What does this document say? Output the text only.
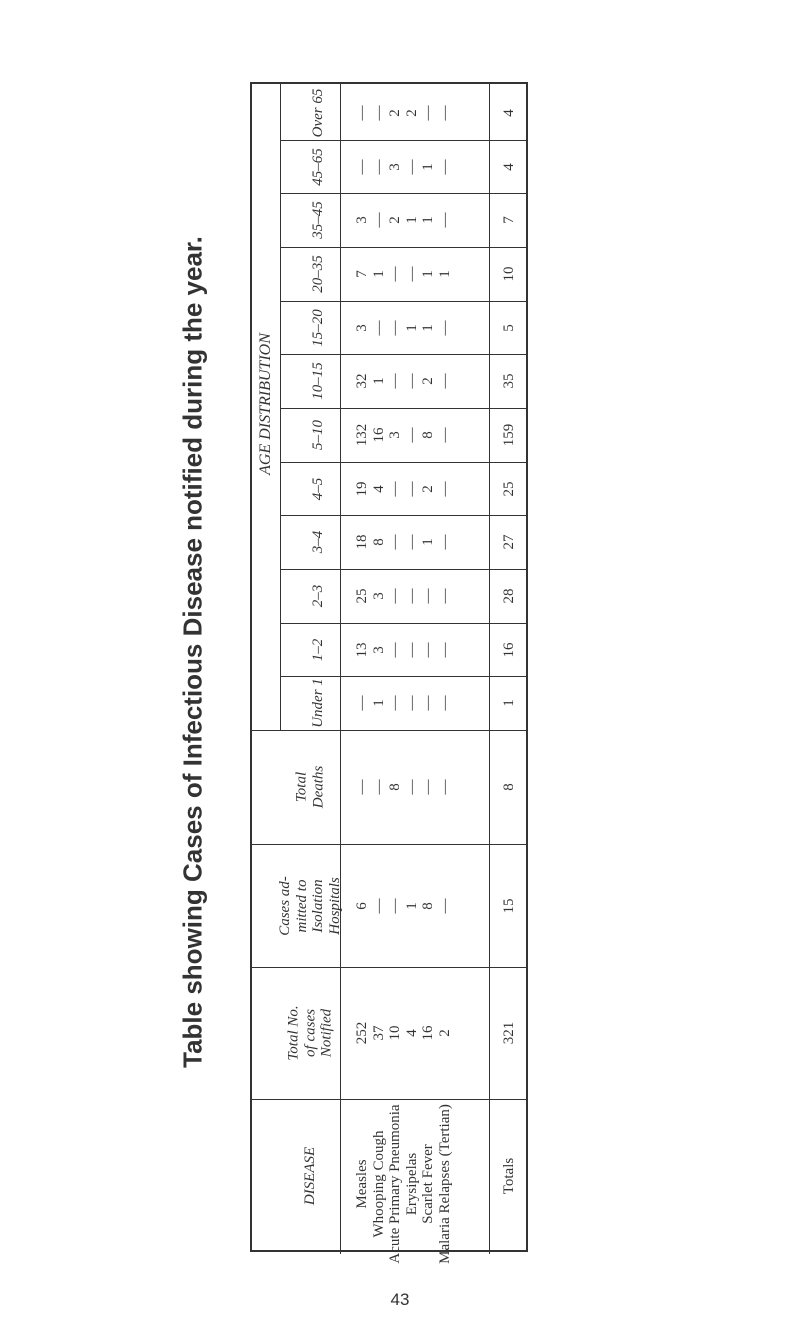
Table showing Cases of Infectious Disease notified during the year.
DISEASE
Total No.
of cases
Notified
Cases ad-
mitted to
Isolation
Hospitals
Total
Deaths
AGE DISTRIBUTION
Under 1
1–2
2–3
3–4
4–5
5–10
10–15
15–20
20–35
35–45
45–65
Over 65
Measles
252
6
—
—
13
25
18
19
132
32
3
7
3
—
—
Whooping Cough
37
—
—
1
3
3
8
4
16
1
—
1
—
—
—
Acute Primary Pneumonia
10
—
8
—
—
—
—
—
3
—
—
—
2
3
2
Erysipelas
4
1
—
—
—
—
—
—
—
—
1
—
1
—
2
Scarlet Fever
16
8
—
—
—
—
1
2
8
2
1
1
1
1
—
Malaria Relapses (Tertian)
2
—
—
—
—
—
—
—
—
—
—
1
—
—
—
Totals
321
15
8
1
16
28
27
25
159
35
5
10
7
4
4
43
